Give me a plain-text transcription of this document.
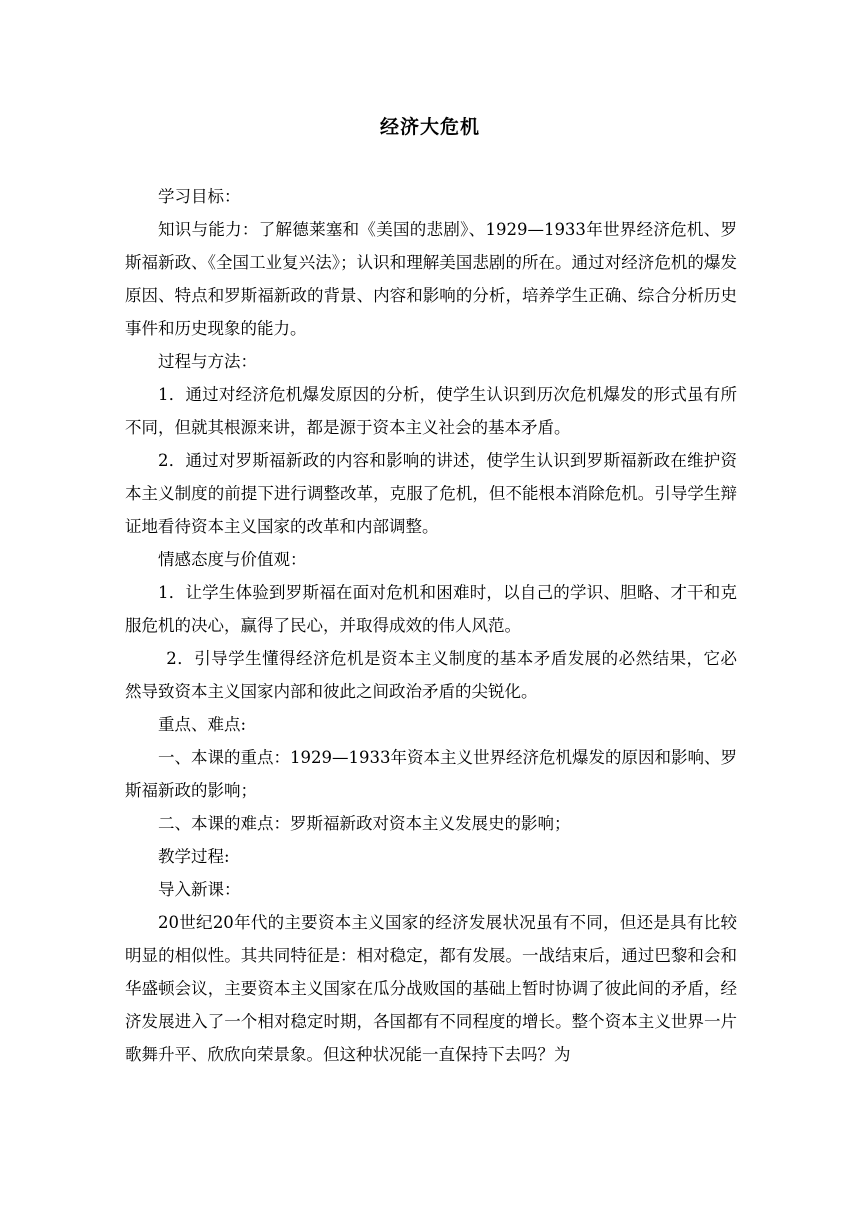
经济大危机

学习目标：

知识与能力：了解德莱塞和《美国的悲剧》、1929—1933年世界经济危机、罗斯福新政、《全国工业复兴法》；认识和理解美国悲剧的所在。通过对经济危机的爆发原因、特点和罗斯福新政的背景、内容和影响的分析，培养学生正确、综合分析历史事件和历史现象的能力。

过程与方法：

1．通过对经济危机爆发原因的分析，使学生认识到历次危机爆发的形式虽有所不同，但就其根源来讲，都是源于资本主义社会的基本矛盾。

2．通过对罗斯福新政的内容和影响的讲述，使学生认识到罗斯福新政在维护资本主义制度的前提下进行调整改革，克服了危机，但不能根本消除危机。引导学生辩证地看待资本主义国家的改革和内部调整。

情感态度与价值观：

1．让学生体验到罗斯福在面对危机和困难时，以自己的学识、胆略、才干和克服危机的决心，赢得了民心，并取得成效的伟人风范。

2．引导学生懂得经济危机是资本主义制度的基本矛盾发展的必然结果，它必然导致资本主义国家内部和彼此之间政治矛盾的尖锐化。

重点、难点:

一、本课的重点：1929—1933年资本主义世界经济危机爆发的原因和影响、罗斯福新政的影响；

二、本课的难点：罗斯福新政对资本主义发展史的影响；

教学过程:

导入新课：

20世纪20年代的主要资本主义国家的经济发展状况虽有不同，但还是具有比较明显的相似性。其共同特征是：相对稳定，都有发展。一战结束后，通过巴黎和会和华盛顿会议，主要资本主义国家在瓜分战败国的基础上暂时协调了彼此间的矛盾，经济发展进入了一个相对稳定时期，各国都有不同程度的增长。整个资本主义世界一片歌舞升平、欣欣向荣景象。但这种状况能一直保持下去吗？为
